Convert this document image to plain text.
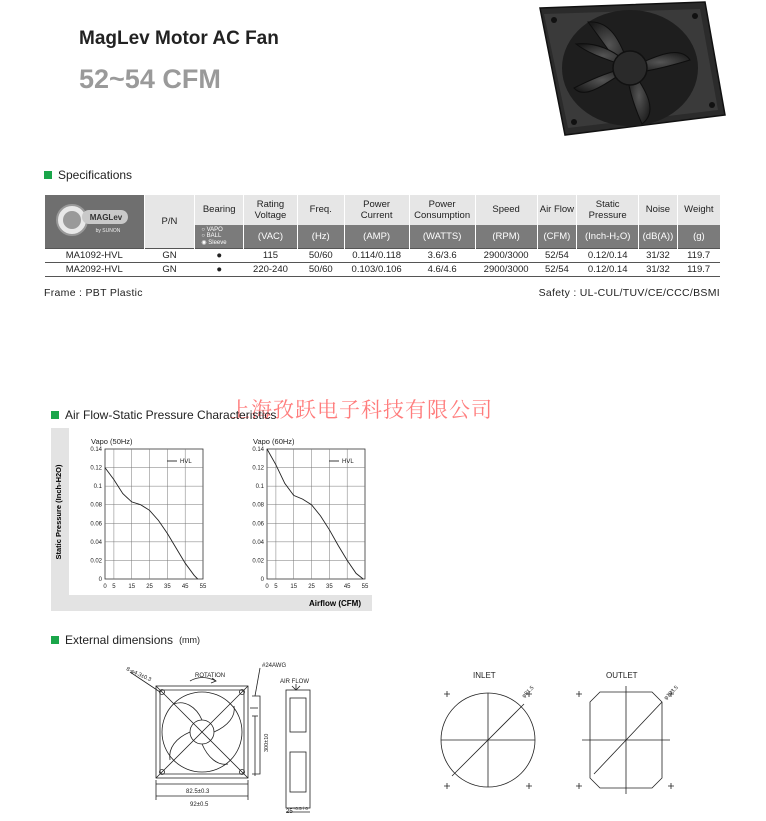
MagLev Motor AC Fan
52~54 CFM
Specifications
MAGLev
by SUNON	P/N	Bearing	Rating Voltage	Freq.	Power Current	Power Consumption	Speed	Air Flow	Static Pressure	Noise	Weight

		○ VAPO
○ BALL
◉ Sleeve	(VAC)	(Hz)	(AMP)	(WATTS)	(RPM)	(CFM)	(Inch-H₂O)	(dB(A))	(g)
MA1092-HVL	GN	●	115	50/60	0.114/0.118	3.6/3.6	2900/3000	52/54	0.12/0.14	31/32	119.7
MA2092-HVL	GN	●	220-240	50/60	0.103/0.106	4.6/4.6	2900/3000	52/54	0.12/0.14	31/32	119.7
Frame : PBT Plastic	Safety : UL-CUL/TUV/CE/CCC/BSMI
上海孜跃电子科技有限公司
Air Flow-Static Pressure Characteristics
Static Pressure (Inch-H2O)
Airflow (CFM)
Vapo (50Hz)
0 5 15 25 35 45 55
0
0.02
0.04
0.06
0.08
0.1
0.12
0.14
HVL
Vapo (60Hz)
0 5 15 25 35 45 55
0
0.02
0.04
0.06
0.08
0.1
0.12
0.14
HVL
External dimensions (mm)
ROTATION
8-φ4.3±0.3
#24AWG
82.5±0.3
92±0.5
300±10
AIR FLOW
$25^{+0.5 / 0}$
INLET
φ91.5
OUTLET
φ103.5
